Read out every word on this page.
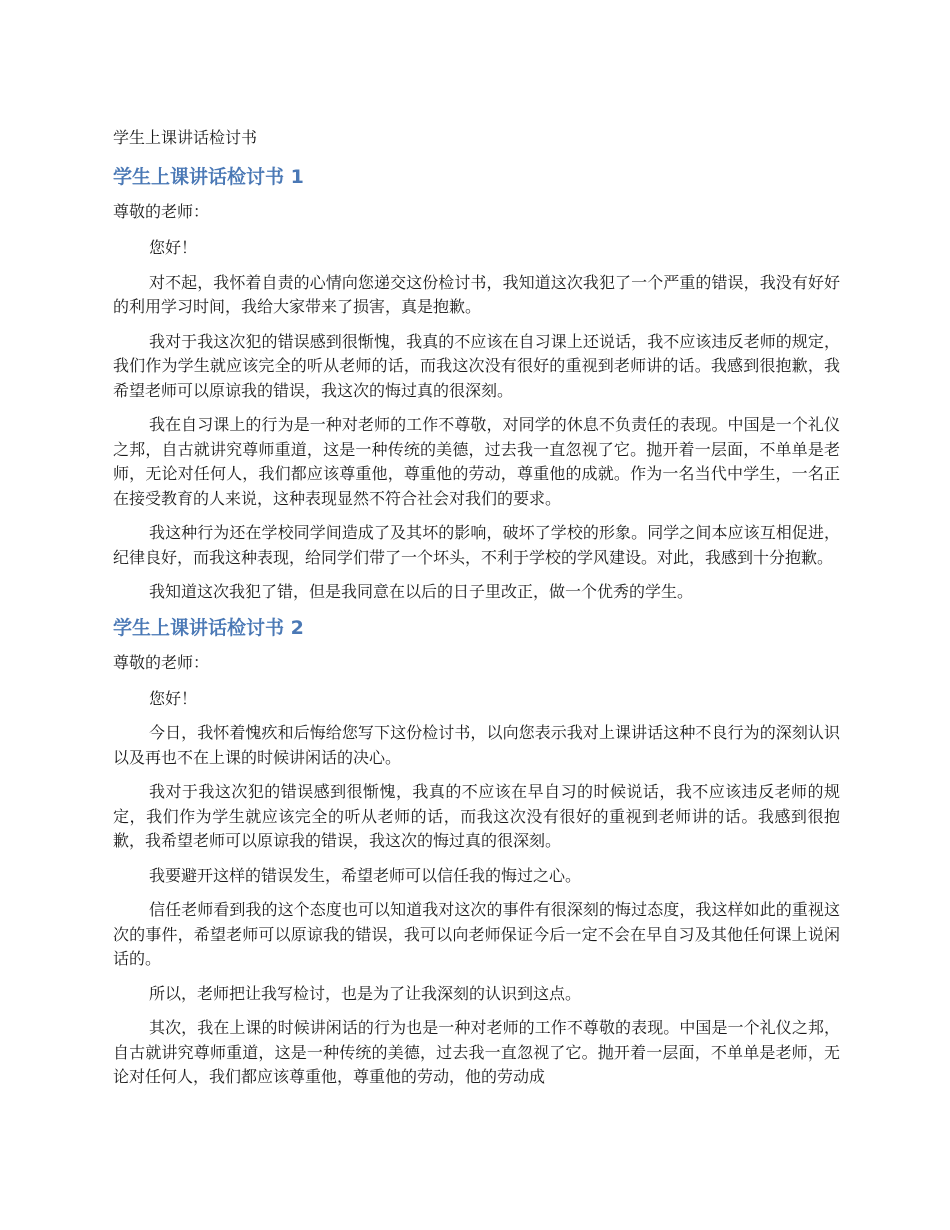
学生上课讲话检讨书
学生上课讲话检讨书 1
尊敬的老师：

您好！

对不起，我怀着自责的心情向您递交这份检讨书，我知道这次我犯了一个严重的错误，我没有好好的利用学习时间，我给大家带来了损害，真是抱歉。

我对于我这次犯的错误感到很惭愧，我真的不应该在自习课上还说话，我不应该违反老师的规定，我们作为学生就应该完全的听从老师的话，而我这次没有很好的重视到老师讲的话。我感到很抱歉，我希望老师可以原谅我的错误，我这次的悔过真的很深刻。

我在自习课上的行为是一种对老师的工作不尊敬，对同学的休息不负责任的表现。中国是一个礼仪之邦，自古就讲究尊师重道，这是一种传统的美德，过去我一直忽视了它。抛开着一层面，不单单是老师，无论对任何人，我们都应该尊重他，尊重他的劳动，尊重他的成就。作为一名当代中学生，一名正在接受教育的人来说，这种表现显然不符合社会对我们的要求。

我这种行为还在学校同学间造成了及其坏的影响，破坏了学校的形象。同学之间本应该互相促进，纪律良好，而我这种表现，给同学们带了一个坏头，不利于学校的学风建设。对此，我感到十分抱歉。

我知道这次我犯了错，但是我同意在以后的日子里改正，做一个优秀的学生。

学生上课讲话检讨书 2
尊敬的老师：

您好！

今日，我怀着愧疚和后悔给您写下这份检讨书，以向您表示我对上课讲话这种不良行为的深刻认识以及再也不在上课的时候讲闲话的决心。

我对于我这次犯的错误感到很惭愧，我真的不应该在早自习的时候说话，我不应该违反老师的规定，我们作为学生就应该完全的听从老师的话，而我这次没有很好的重视到老师讲的话。我感到很抱歉，我希望老师可以原谅我的错误，我这次的悔过真的很深刻。

我要避开这样的错误发生，希望老师可以信任我的悔过之心。

信任老师看到我的这个态度也可以知道我对这次的事件有很深刻的悔过态度，我这样如此的重视这次的事件，希望老师可以原谅我的错误，我可以向老师保证今后一定不会在早自习及其他任何课上说闲话的。

所以，老师把让我写检讨，也是为了让我深刻的认识到这点。

其次，我在上课的时候讲闲话的行为也是一种对老师的工作不尊敬的表现。中国是一个礼仪之邦，自古就讲究尊师重道，这是一种传统的美德，过去我一直忽视了它。抛开着一层面，不单单是老师，无论对任何人，我们都应该尊重他，尊重他的劳动，他的劳动成
